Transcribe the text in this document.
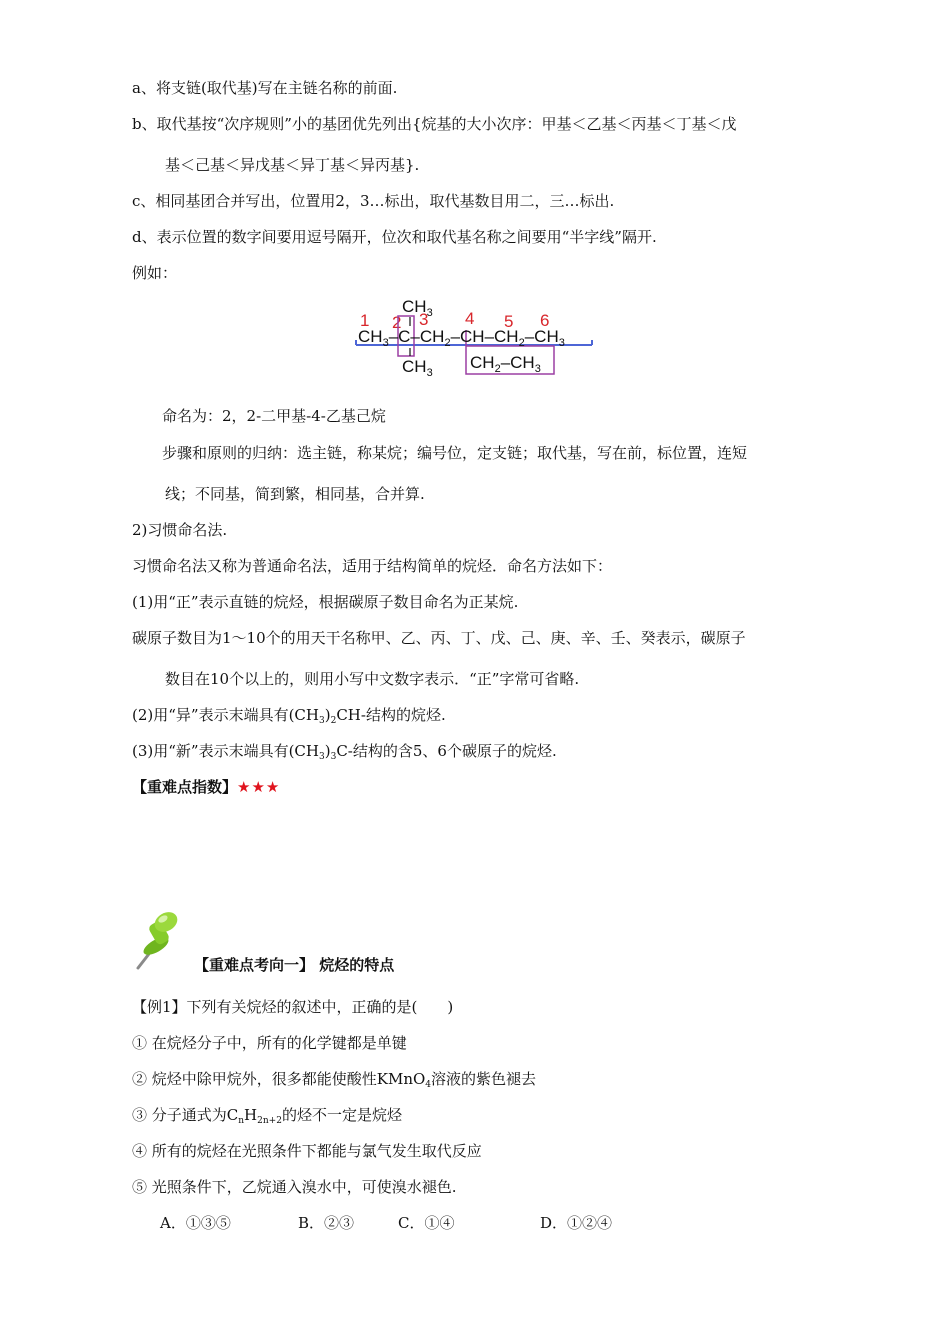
a、将支链(取代基)写在主链名称的前面.
b、取代基按“次序规则”小的基团优先列出{烷基的大小次序：甲基＜乙基＜丙基＜丁基＜戊
基＜己基＜异戊基＜异丁基＜异丙基}.
c、相同基团合并写出，位置用2，3…标出，取代基数目用二，三…标出.
d、表示位置的数字间要用逗号隔开，位次和取代基名称之间要用“半字线”隔开.
例如：
1 2 3 4 5 6
$CH_3$
$CH_3-C-CH_2-CH-CH_2-CH_3$
$CH_3$
$CH_2-CH_3$
命名为：2，2-二甲基-4-乙基己烷
步骤和原则的归纳：选主链，称某烷；编号位，定支链；取代基，写在前，标位置，连短
线；不同基，简到繁，相同基，合并算.
2)习惯命名法.
习惯命名法又称为普通命名法，适用于结构简单的烷烃．命名方法如下：
(1)用“正”表示直链的烷烃，根据碳原子数目命名为正某烷.
碳原子数目为1～10个的用天干名称甲、乙、丙、丁、戊、己、庚、辛、壬、癸表示，碳原子
数目在10个以上的，则用小写中文数字表示．“正”字常可省略.
(2)用“异”表示末端具有$(CH_3)_2CH-$结构的烷烃.
(3)用“新”表示末端具有$(CH_3)_3C-$结构的含5、6个碳原子的烷烃.
【重难点指数】★★★
【重难点考向一】 烷烃的特点
【例1】下列有关烷烃的叙述中，正确的是(　　)
① 在烷烃分子中，所有的化学键都是单键
② 烷烃中除甲烷外，很多都能使酸性KMnO$_4$溶液的紫色褪去
③ 分子通式为$C_nH_{2n+2}$的烃不一定是烷烃
④ 所有的烷烃在光照条件下都能与氯气发生取代反应
⑤ 光照条件下，乙烷通入溴水中，可使溴水褪色.
A．①③⑤	B．②③	C．①④	D．①②④
